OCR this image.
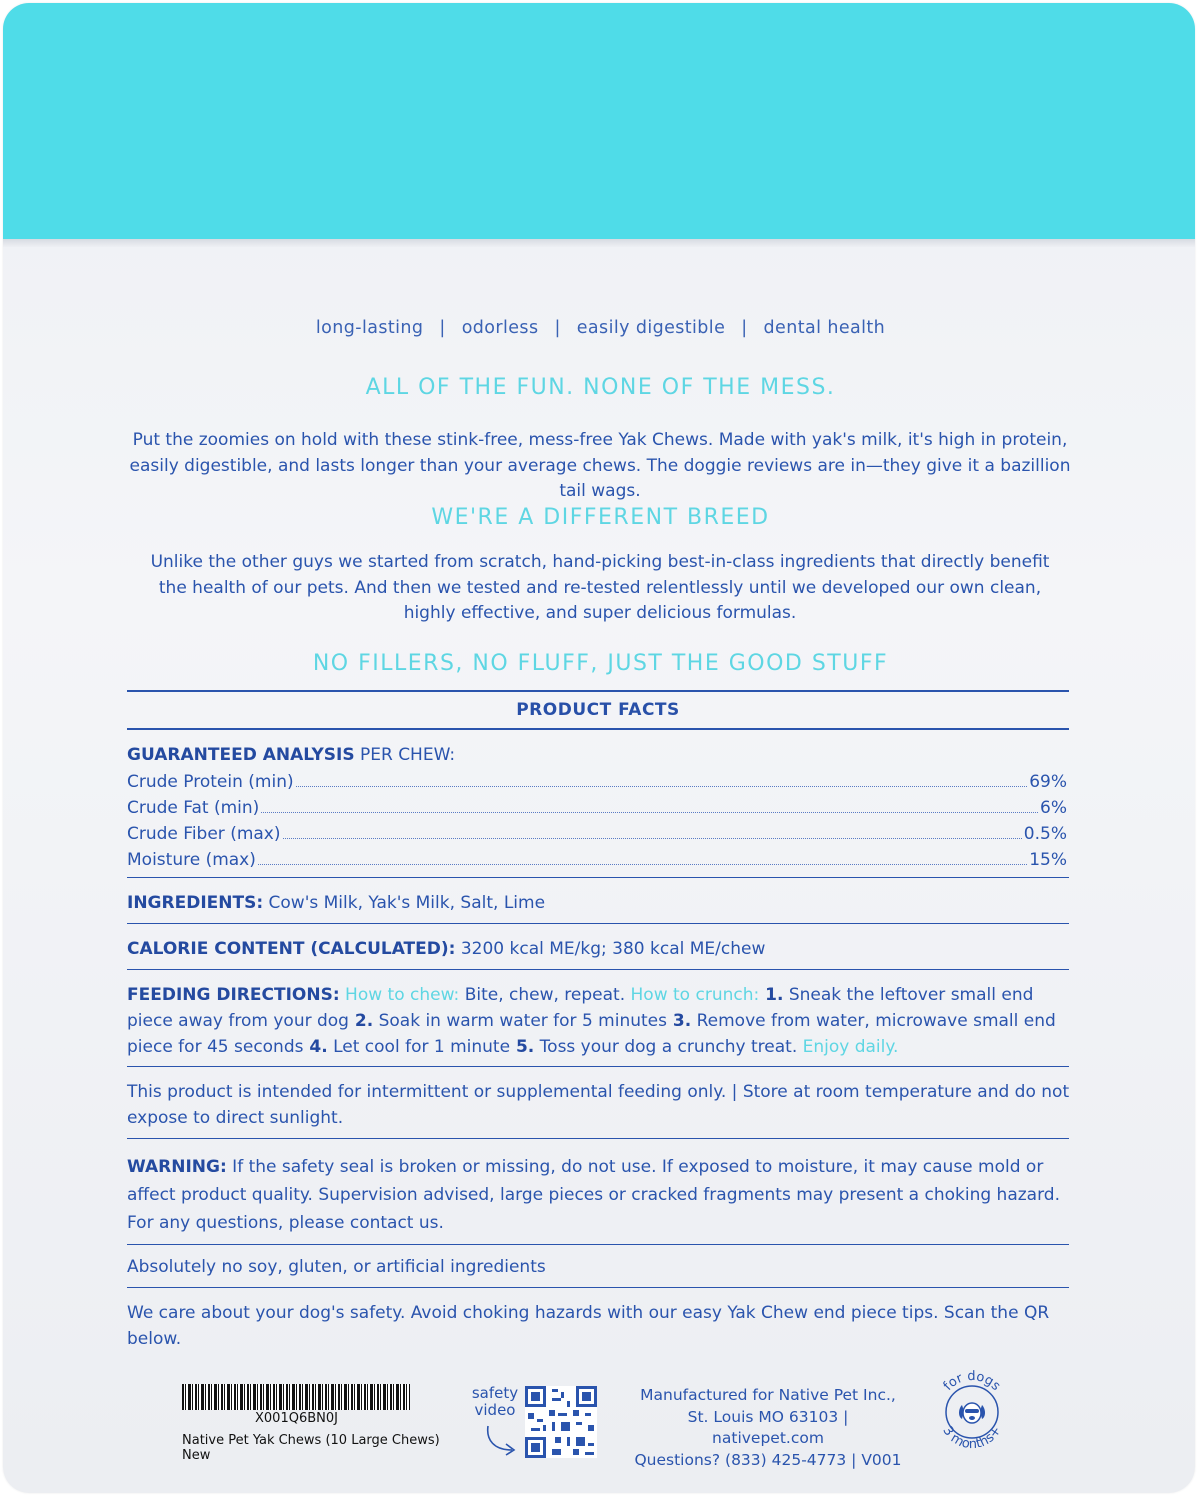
long-lasting | odorless | easily digestible | dental health
ALL OF THE FUN. NONE OF THE MESS.
Put the zoomies on hold with these stink-free, mess-free Yak Chews. Made with yak's milk, it's high in protein, easily digestible, and lasts longer than your average chews. The doggie reviews are in—they give it a bazillion tail wags.
WE'RE A DIFFERENT BREED
Unlike the other guys we started from scratch, hand-picking best-in-class ingredients that directly benefit the health of our pets. And then we tested and re-tested relentlessly until we developed our own clean, highly effective, and super delicious formulas.
NO FILLERS, NO FLUFF, JUST THE GOOD STUFF
PRODUCT FACTS
GUARANTEED ANALYSIS PER CHEW:
Crude Protein (min)	69%
Crude Fat (min)	6%
Crude Fiber (max)	0.5%
Moisture (max)	15%
INGREDIENTS: Cow's Milk, Yak's Milk, Salt, Lime
CALORIE CONTENT (CALCULATED): 3200 kcal ME/kg; 380 kcal ME/chew
FEEDING DIRECTIONS: How to chew: Bite, chew, repeat. How to crunch: 1. Sneak the leftover small end piece away from your dog 2. Soak in warm water for 5 minutes 3. Remove from water, microwave small end piece for 45 seconds 4. Let cool for 1 minute 5. Toss your dog a crunchy treat. Enjoy daily.
This product is intended for intermittent or supplemental feeding only. | Store at room temperature and do not expose to direct sunlight.
WARNING: If the safety seal is broken or missing, do not use. If exposed to moisture, it may cause mold or affect product quality. Supervision advised, large pieces or cracked fragments may present a choking hazard. For any questions, please contact us.
Absolutely no soy, gluten, or artificial ingredients
We care about your dog's safety. Avoid choking hazards with our easy Yak Chew end piece tips. Scan the QR below.
X001Q6BN0J
Native Pet Yak Chews (10 Large Chews)
New
safety
video
Manufactured for Native Pet Inc.,
St. Louis MO 63103 | nativepet.com
Questions? (833) 425-4773 | V001
for dogs
3 months+
